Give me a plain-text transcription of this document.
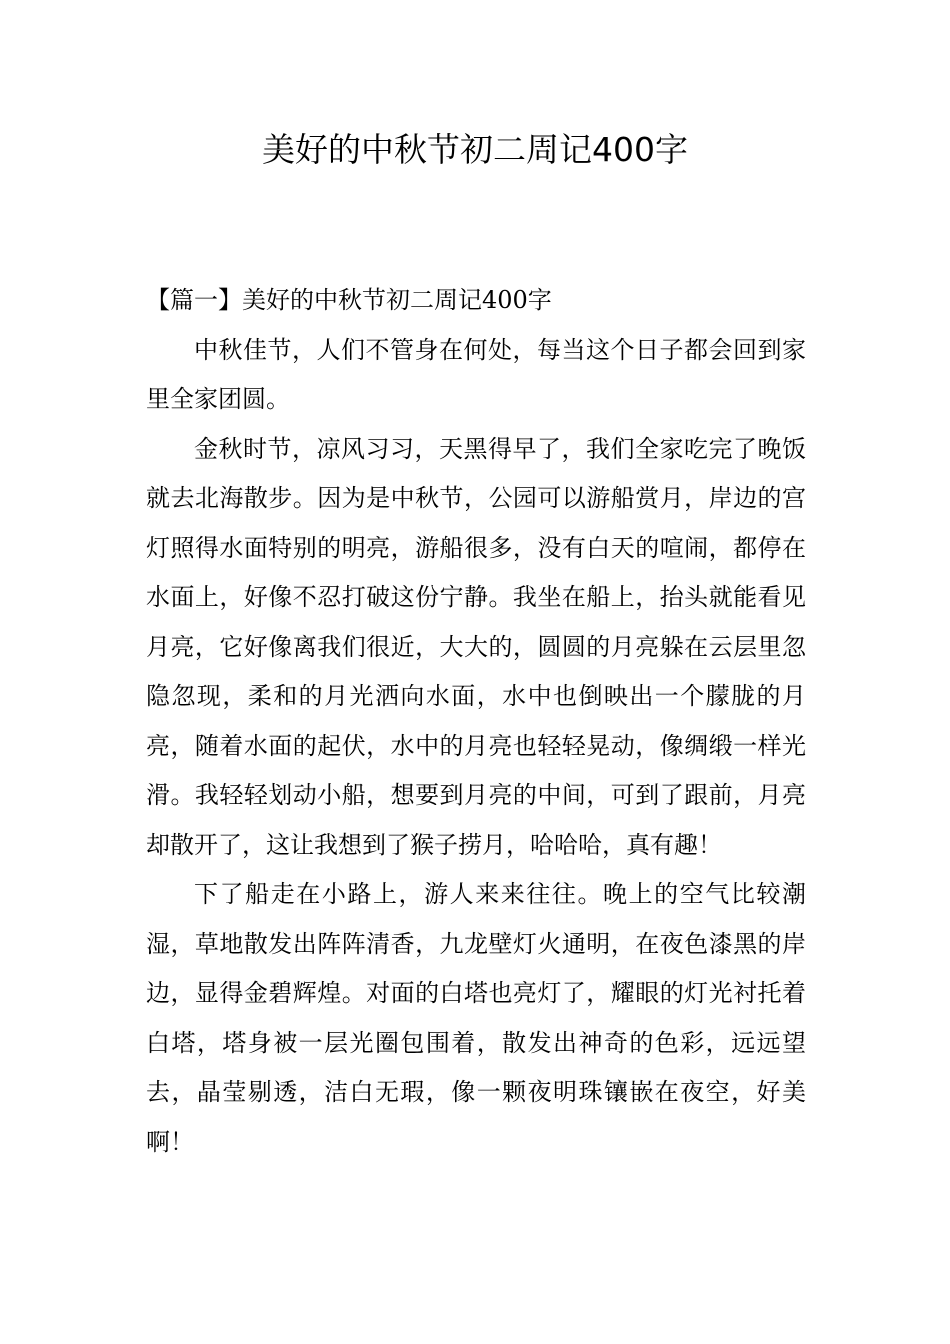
美好的中秋节初二周记400字

【篇一】美好的中秋节初二周记400字

中秋佳节，人们不管身在何处，每当这个日子都会回到家里全家团圆。

金秋时节，凉风习习，天黑得早了，我们全家吃完了晚饭就去北海散步。因为是中秋节，公园可以游船赏月，岸边的宫灯照得水面特别的明亮，游船很多，没有白天的喧闹，都停在水面上，好像不忍打破这份宁静。我坐在船上，抬头就能看见月亮，它好像离我们很近，大大的，圆圆的月亮躲在云层里忽隐忽现，柔和的月光洒向水面，水中也倒映出一个朦胧的月亮，随着水面的起伏，水中的月亮也轻轻晃动，像绸缎一样光滑。我轻轻划动小船，想要到月亮的中间，可到了跟前，月亮却散开了，这让我想到了猴子捞月，哈哈哈，真有趣！

下了船走在小路上，游人来来往往。晚上的空气比较潮湿，草地散发出阵阵清香，九龙壁灯火通明，在夜色漆黑的岸边，显得金碧辉煌。对面的白塔也亮灯了，耀眼的灯光衬托着白塔，塔身被一层光圈包围着，散发出神奇的色彩，远远望去，晶莹剔透，洁白无瑕，像一颗夜明珠镶嵌在夜空，好美啊！
